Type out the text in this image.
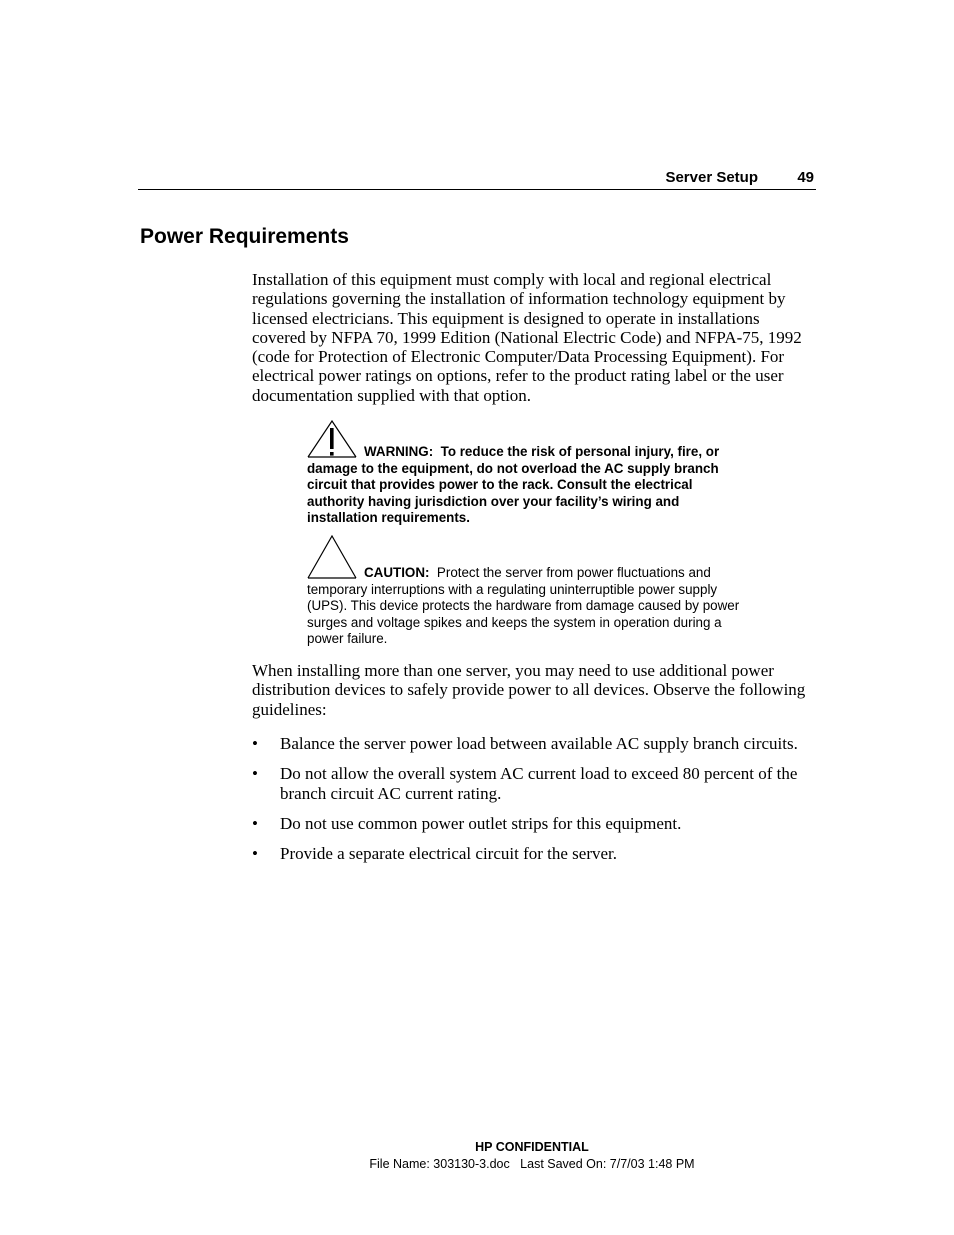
Server Setup	49
Power Requirements

Installation of this equipment must comply with local and regional electrical regulations governing the installation of information technology equipment by licensed electricians. This equipment is designed to operate in installations covered by NFPA 70, 1999 Edition (National Electric Code) and NFPA-75, 1992 (code for Protection of Electronic Computer/Data Processing Equipment). For electrical power ratings on options, refer to the product rating label or the user documentation supplied with that option.

WARNING: To reduce the risk of personal injury, fire, or damage to the equipment, do not overload the AC supply branch circuit that provides power to the rack. Consult the electrical authority having jurisdiction over your facility’s wiring and installation requirements.

CAUTION: Protect the server from power fluctuations and temporary interruptions with a regulating uninterruptible power supply (UPS). This device protects the hardware from damage caused by power surges and voltage spikes and keeps the system in operation during a power failure.

When installing more than one server, you may need to use additional power distribution devices to safely provide power to all devices. Observe the following guidelines:

• Balance the server power load between available AC supply branch circuits.
• Do not allow the overall system AC current load to exceed 80 percent of the branch circuit AC current rating.
• Do not use common power outlet strips for this equipment.
• Provide a separate electrical circuit for the server.
HP CONFIDENTIAL
File Name: 303130-3.doc   Last Saved On: 7/7/03 1:48 PM
